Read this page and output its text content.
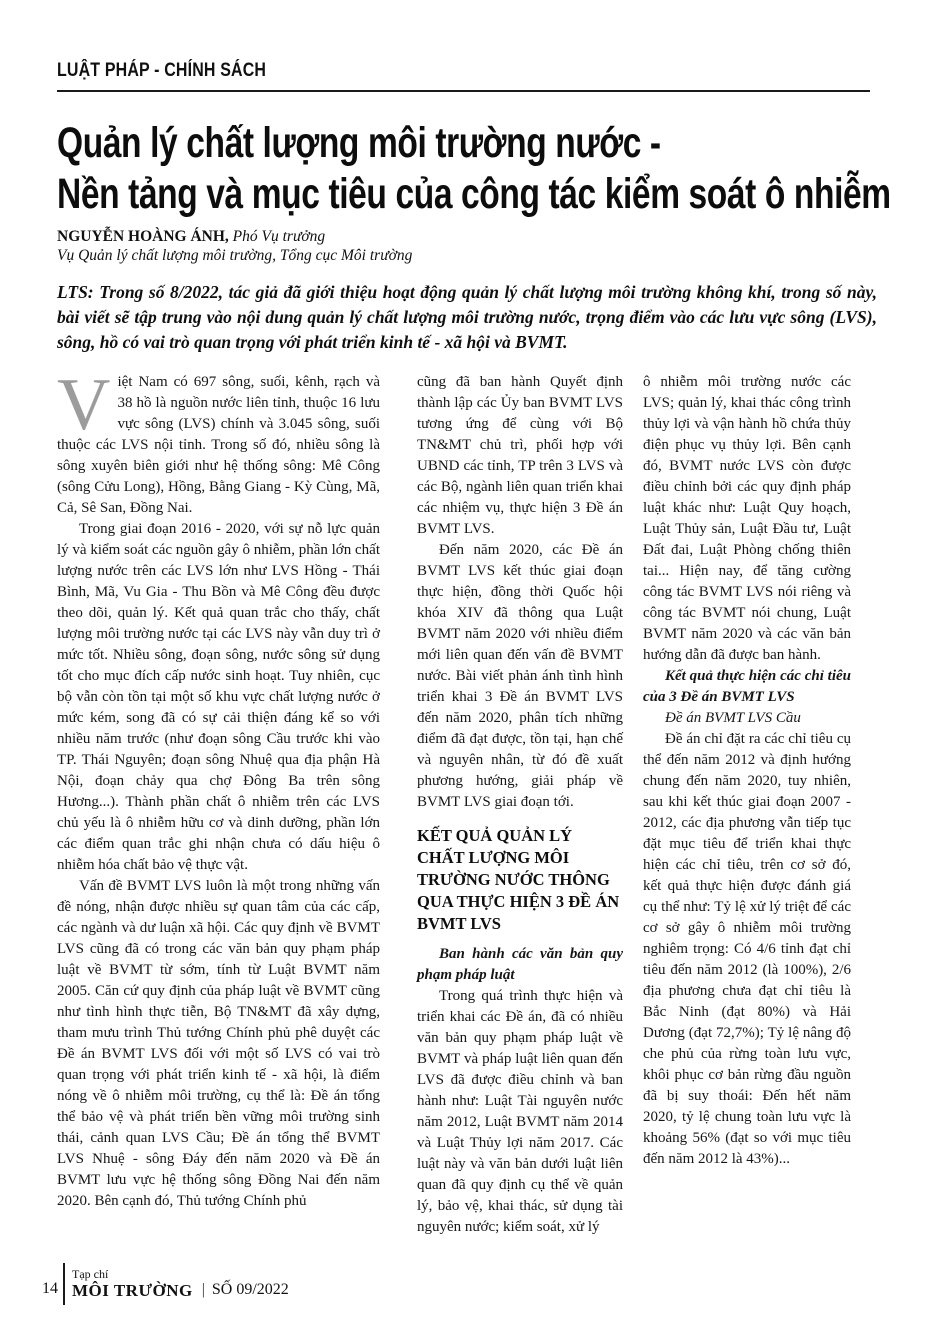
LUẬT PHÁP - CHÍNH SÁCH
Quản lý chất lượng môi trường nước -
Nền tảng và mục tiêu của công tác kiểm soát ô nhiễm
NGUYỄN HOÀNG ÁNH, Phó Vụ trưởng
Vụ Quản lý chất lượng môi trường, Tổng cục Môi trường
LTS: Trong số 8/2022, tác giả đã giới thiệu hoạt động quản lý chất lượng môi trường không khí, trong số này, bài viết sẽ tập trung vào nội dung quản lý chất lượng môi trường nước, trọng điểm vào các lưu vực sông (LVS), sông, hồ có vai trò quan trọng với phát triển kinh tế - xã hội và BVMT.

Việt Nam có 697 sông, suối, kênh, rạch và 38 hồ là nguồn nước liên tỉnh, thuộc 16 lưu vực sông (LVS) chính và 3.045 sông, suối thuộc các LVS nội tỉnh. Trong số đó, nhiều sông là sông xuyên biên giới như hệ thống sông: Mê Công (sông Cửu Long), Hồng, Bằng Giang - Kỳ Cùng, Mã, Cả, Sê San, Đồng Nai.

Trong giai đoạn 2016 - 2020, với sự nỗ lực quản lý và kiểm soát các nguồn gây ô nhiễm, phần lớn chất lượng nước trên các LVS lớn như LVS Hồng - Thái Bình, Mã, Vu Gia - Thu Bồn và Mê Công đều được theo dõi, quản lý. Kết quả quan trắc cho thấy, chất lượng môi trường nước tại các LVS này vẫn duy trì ở mức tốt. Nhiều sông, đoạn sông, nước sông sử dụng tốt cho mục đích cấp nước sinh hoạt. Tuy nhiên, cục bộ vẫn còn tồn tại một số khu vực chất lượng nước ở mức kém, song đã có sự cải thiện đáng kể so với nhiều năm trước (như đoạn sông Cầu trước khi vào TP. Thái Nguyên; đoạn sông Nhuệ qua địa phận Hà Nội, đoạn chảy qua chợ Đông Ba trên sông Hương...). Thành phần chất ô nhiễm trên các LVS chủ yếu là ô nhiễm hữu cơ và dinh dưỡng, phần lớn các điểm quan trắc ghi nhận chưa có dấu hiệu ô nhiễm hóa chất bảo vệ thực vật.

Vấn đề BVMT LVS luôn là một trong những vấn đề nóng, nhận được nhiều sự quan tâm của các cấp, các ngành và dư luận xã hội. Các quy định về BVMT LVS cũng đã có trong các văn bản quy phạm pháp luật về BVMT từ sớm, tính từ Luật BVMT năm 2005. Căn cứ quy định của pháp luật về BVMT cũng như tình hình thực tiễn, Bộ TN&MT đã xây dựng, tham mưu trình Thủ tướng Chính phủ phê duyệt các Đề án BVMT LVS đối với một số LVS có vai trò quan trọng với phát triển kinh tế - xã hội, là điểm nóng về ô nhiễm môi trường, cụ thể là: Đề án tổng thể bảo vệ và phát triển bền vững môi trường sinh thái, cảnh quan LVS Cầu; Đề án tổng thể BVMT LVS Nhuệ - sông Đáy đến năm 2020 và Đề án BVMT lưu vực hệ thống sông Đồng Nai đến năm 2020. Bên cạnh đó, Thủ tướng Chính phủ

cũng đã ban hành Quyết định thành lập các Ủy ban BVMT LVS tương ứng để cùng với Bộ TN&MT chủ trì, phối hợp với UBND các tỉnh, TP trên 3 LVS và các Bộ, ngành liên quan triển khai các nhiệm vụ, thực hiện 3 Đề án BVMT LVS.

Đến năm 2020, các Đề án BVMT LVS kết thúc giai đoạn thực hiện, đồng thời Quốc hội khóa XIV đã thông qua Luật BVMT năm 2020 với nhiều điểm mới liên quan đến vấn đề BVMT nước. Bài viết phản ánh tình hình triển khai 3 Đề án BVMT LVS đến năm 2020, phân tích những điểm đã đạt được, tồn tại, hạn chế và nguyên nhân, từ đó đề xuất phương hướng, giải pháp về BVMT LVS giai đoạn tới.

KẾT QUẢ QUẢN LÝ CHẤT LƯỢNG MÔI TRƯỜNG NƯỚC THÔNG QUA THỰC HIỆN 3 ĐỀ ÁN BVMT LVS

Ban hành các văn bản quy phạm pháp luật

Trong quá trình thực hiện và triển khai các Đề án, đã có nhiều văn bản quy phạm pháp luật về BVMT và pháp luật liên quan đến LVS đã được điều chỉnh và ban hành như: Luật Tài nguyên nước năm 2012, Luật BVMT năm 2014 và Luật Thủy lợi năm 2017. Các luật này và văn bản dưới luật liên quan đã quy định cụ thể về quản lý, bảo vệ, khai thác, sử dụng tài nguyên nước; kiểm soát, xử lý

ô nhiễm môi trường nước các LVS; quản lý, khai thác công trình thủy lợi và vận hành hồ chứa thủy điện phục vụ thủy lợi. Bên cạnh đó, BVMT nước LVS còn được điều chỉnh bởi các quy định pháp luật khác như: Luật Quy hoạch, Luật Thủy sản, Luật Đầu tư, Luật Đất đai, Luật Phòng chống thiên tai... Hiện nay, để tăng cường công tác BVMT LVS nói riêng và công tác BVMT nói chung, Luật BVMT năm 2020 và các văn bản hướng dẫn đã được ban hành.

Kết quả thực hiện các chỉ tiêu của 3 Đề án BVMT LVS

Đề án BVMT LVS Cầu

Đề án chỉ đặt ra các chỉ tiêu cụ thể đến năm 2012 và định hướng chung đến năm 2020, tuy nhiên, sau khi kết thúc giai đoạn 2007 - 2012, các địa phương vẫn tiếp tục đặt mục tiêu để triển khai thực hiện các chỉ tiêu, trên cơ sở đó, kết quả thực hiện được đánh giá cụ thể như: Tỷ lệ xử lý triệt để các cơ sở gây ô nhiễm môi trường nghiêm trọng: Có 4/6 tỉnh đạt chỉ tiêu đến năm 2012 (là 100%), 2/6 địa phương chưa đạt chỉ tiêu là Bắc Ninh (đạt 80%) và Hải Dương (đạt 72,7%); Tỷ lệ nâng độ che phủ của rừng toàn lưu vực, khôi phục cơ bản rừng đầu nguồn đã bị suy thoái: Đến hết năm 2020, tỷ lệ chung toàn lưu vực là khoảng 56% (đạt so với mục tiêu đến năm 2012 là 43%)...

14
Tạp chí
MÔI TRƯỜNG | SỐ 09/2022
